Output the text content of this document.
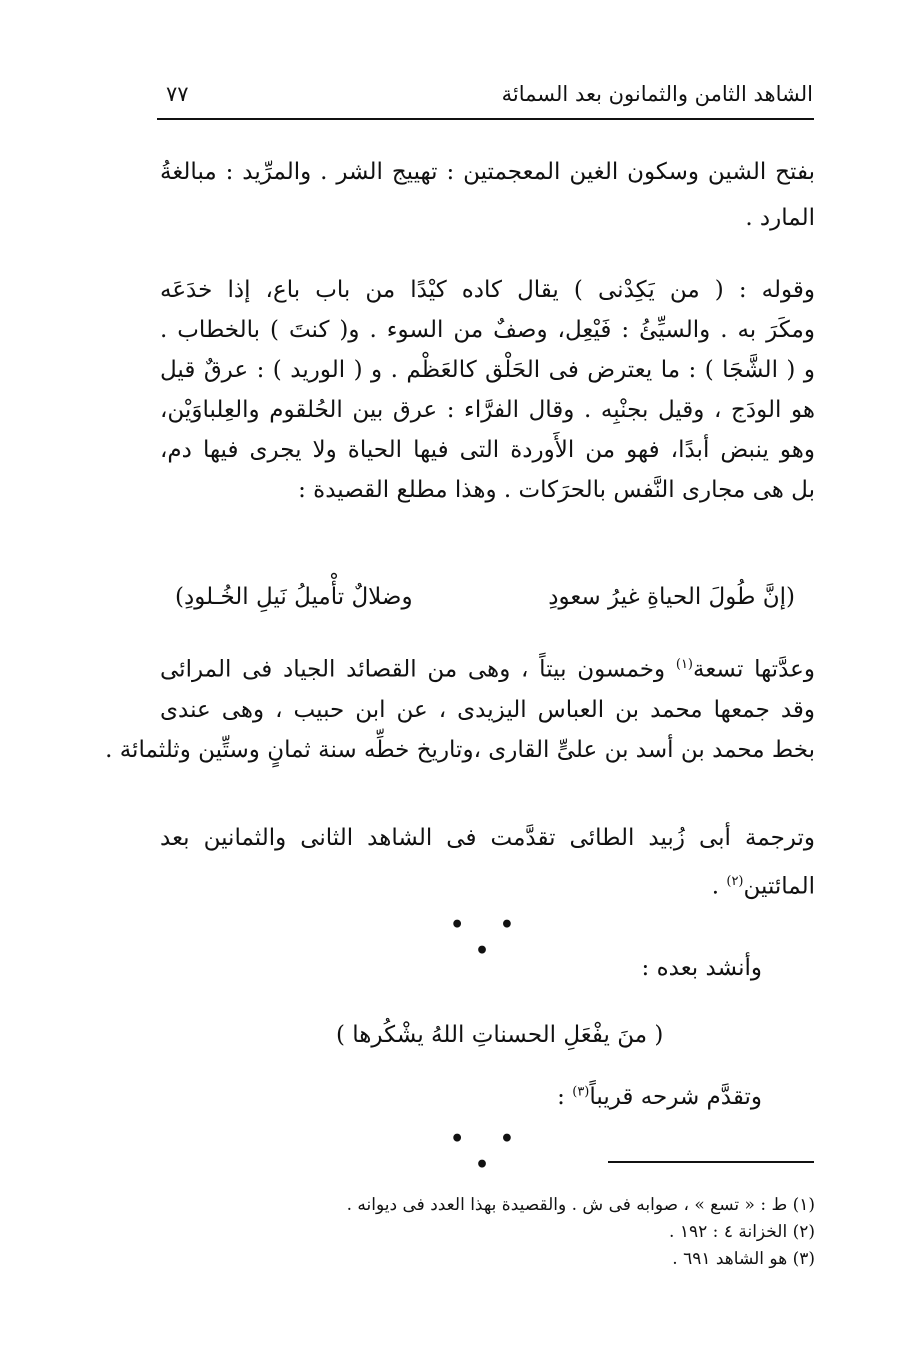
الشاهد الثامن والثمانون بعد السمائة
٧٧
بفتح الشين وسكون الغين المعجمتين : تهييج الشر . والمرِّيد : مبالغةُ
المارد .
وقوله : ( من يَكِدْنى ) يقال كاده كيْدًا من باب باع، إذا خدَعَه
ومكَرَ به . والسيِّئُ : فَيْعِل، وصفٌ من السوء . و( كنتَ ) بالخطاب .
و ( الشَّجَا ) : ما يعترض فى الحَلْق كالعَظْم . و ( الوريد ) : عرقٌ قيل
هو الودَج ، وقيل بجنْبِه . وقال الفرَّاء : عرق بين الحُلقوم والعِلباوَيْن،
وهو ينبض أبدًا، فهو من الأَوردة التى فيها الحياة ولا يجرى فيها دم،
بل هى مجارى النَّفس بالحرَكات . وهذا مطلع القصيدة :
(إنَّ طُولَ الحياةِ غيرُ سعودِ
وضلالٌ تأْميلُ نَيلِ الخُـلودِ)
وعدَّتها تسعة$^{(١)}$ وخمسون بيتاً ، وهى من القصائد الجياد فى المرائى
وقد جمعها محمد بن العباس اليزيدى ، عن ابن حبيب ، وهى عندى
بخط محمد بن أسد بن علىٍّ القارى ،وتاريخ خطِّه سنة ثمانٍ وستِّين وثلثمائة .
وترجمة أبى زُبيد الطائى تقدَّمت فى الشاهد الثانى والثمانين بعد
المائتين$^{(٢)}$ .
• • •
وأنشد بعده :
( منَ يفْعَلِ الحسناتِ اللهُ يشْكُرها )
وتقدَّم شرحه قريباً$^{(٣)}$ :
• • •
(١) ط : « تسع » ، صوابه فى ش . والقصيدة بهذا العدد فى ديوانه .
(٢) الخزانة ٤ : ١٩٢ .
(٣) هو الشاهد ٦٩١ .
